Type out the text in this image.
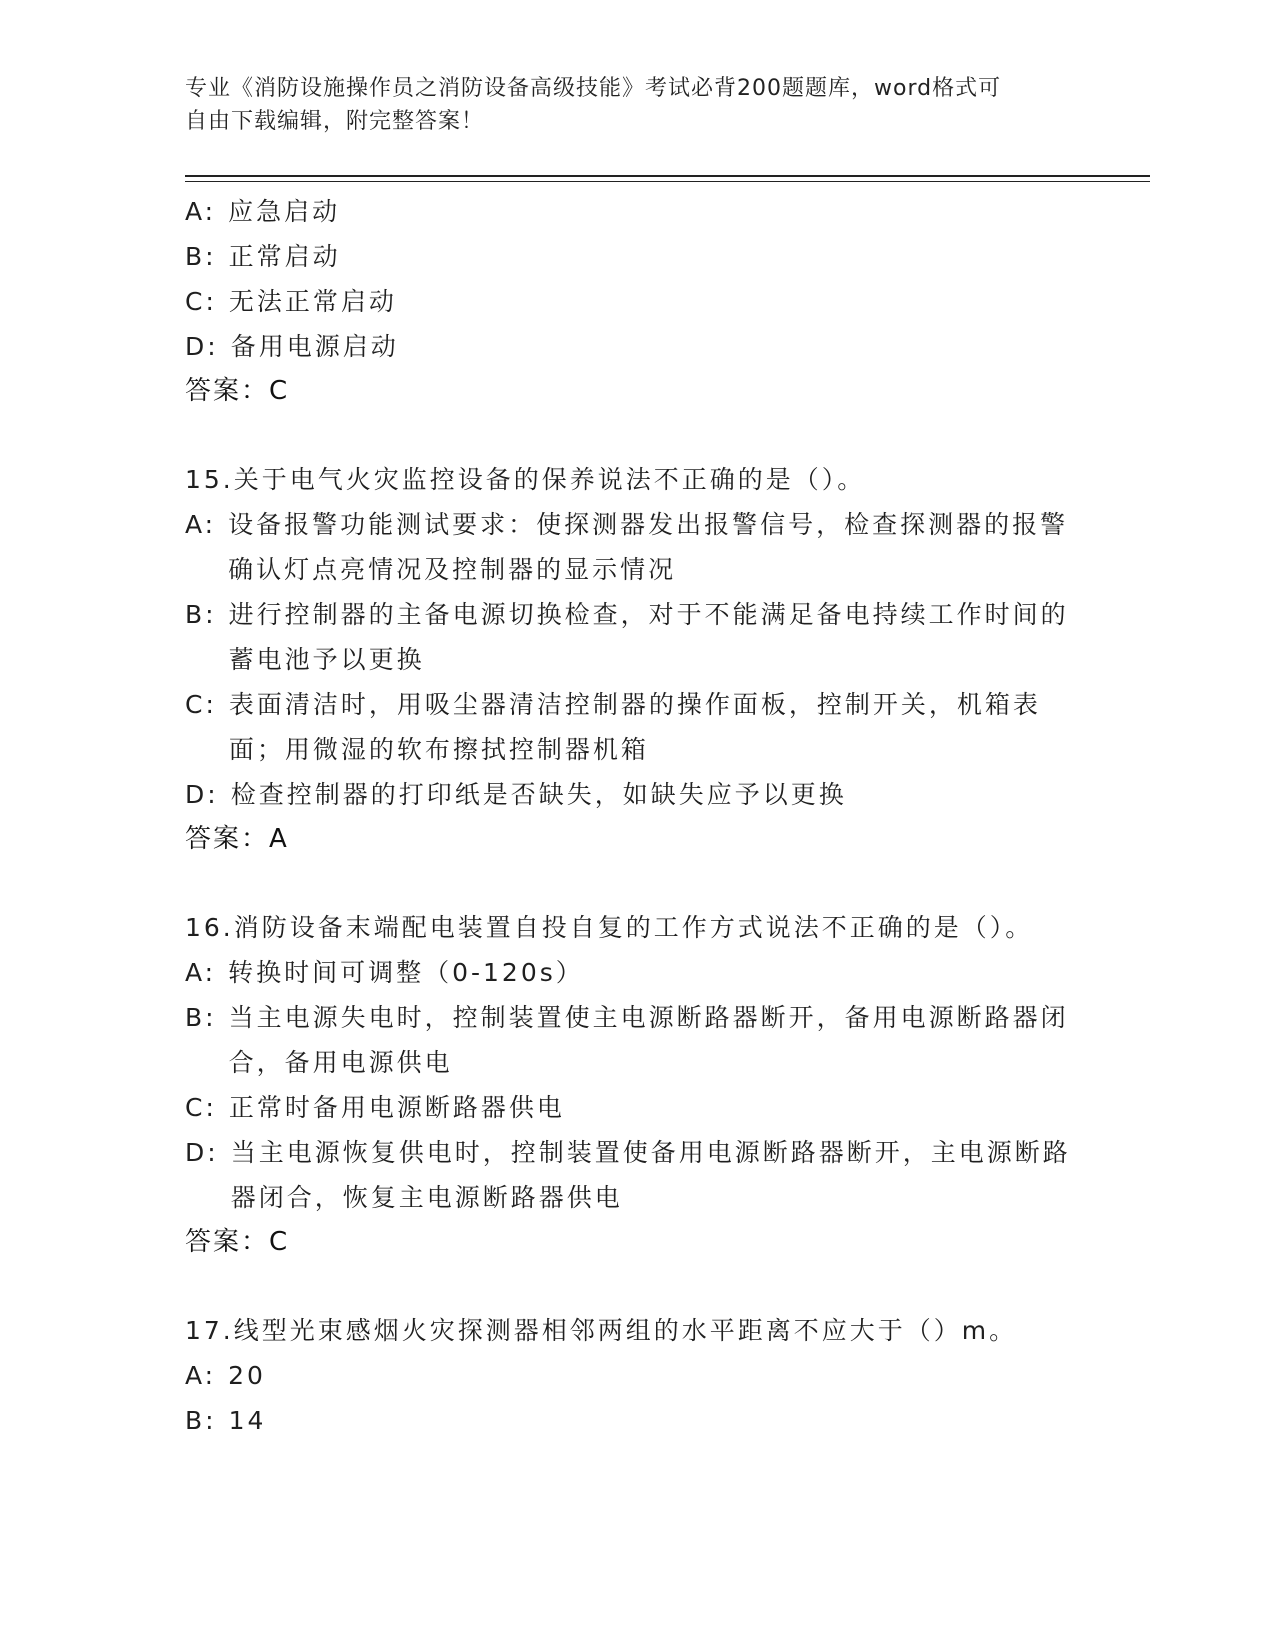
专业《消防设施操作员之消防设备高级技能》考试必背200题题库，word格式可
自由下载编辑，附完整答案！
A: 应急启动
B: 正常启动
C: 无法正常启动
D: 备用电源启动
答案：C
15.关于电气火灾监控设备的保养说法不正确的是（）。
A: 设备报警功能测试要求：使探测器发出报警信号，检查探测器的报警确认灯点亮情况及控制器的显示情况
B: 进行控制器的主备电源切换检查，对于不能满足备电持续工作时间的蓄电池予以更换
C: 表面清洁时，用吸尘器清洁控制器的操作面板，控制开关，机箱表面；用微湿的软布擦拭控制器机箱
D: 检查控制器的打印纸是否缺失，如缺失应予以更换
答案：A
16.消防设备末端配电装置自投自复的工作方式说法不正确的是（）。
A: 转换时间可调整（0-120s）
B: 当主电源失电时，控制装置使主电源断路器断开，备用电源断路器闭合，备用电源供电
C: 正常时备用电源断路器供电
D: 当主电源恢复供电时，控制装置使备用电源断路器断开，主电源断路器闭合，恢复主电源断路器供电
答案：C
17.线型光束感烟火灾探测器相邻两组的水平距离不应大于（）m。
A: 20
B: 14
